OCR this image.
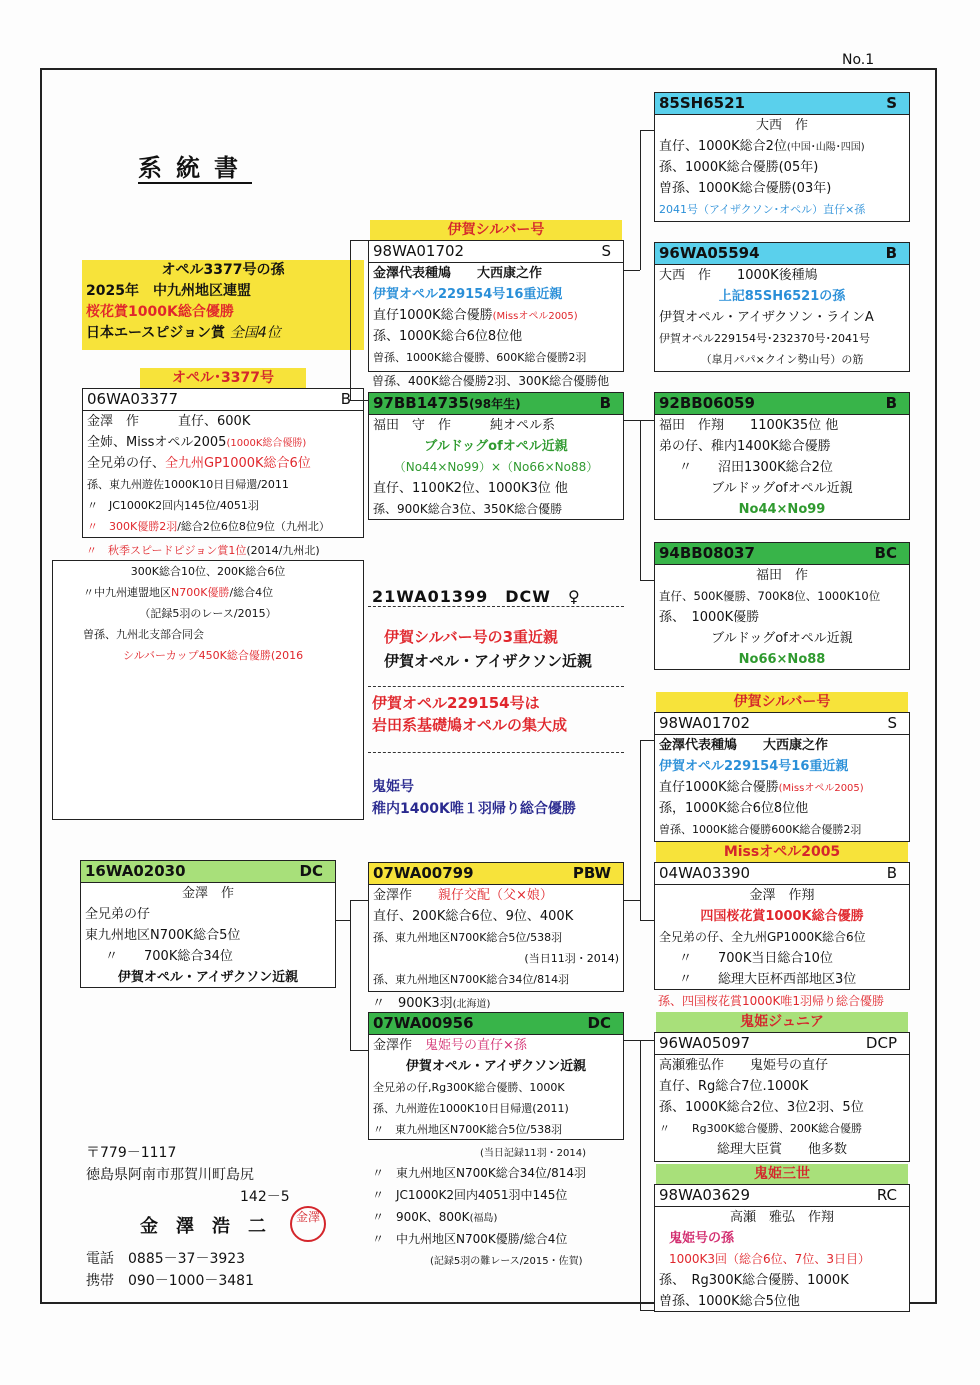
No.1
系統書
オペル3377号の孫
2025年　中九州地区連盟
桜花賞1000K総合優勝
日本エースピジョン賞 全国4位
オペル･3377号
06WA03377	B
金澤　作　　　直仔、600K
全姉、Missオペル2005(1000K総合優勝)
全兄弟の仔、全九州GP1000K総合6位
孫、東九州遊佐1000K10日目帰還/2011
〃　JC1000K2回内145位/4051羽
〃　300K優勝2羽/総合2位6位8位9位（九州北）
〃　秋季スピードピジョン賞1位(2014/九州北)
300K総合10位、200K総合6位
〃中九州連盟地区N700K優勝/総合4位
（記録5羽のレース/2015）
曽孫、九州北支部合同会
シルバーカップ450K総合優勝(2016
伊賀シルバー号
98WA01702	S
金澤代表種鳩　　大西康之作
伊賀オペル229154号16重近親
直仔1000K総合優勝(Missオペル2005)
孫、1000K総合6位8位他
曽孫、1000K総合優勝、600K総合優勝2羽
曽孫、400K総合優勝2羽、300K総合優勝他
97BB14735(98年生)	B
福田　守　作　　　純オペル系
ブルドッグofオペル近親
（No44×No99）×（No66×No88）
直仔、1100K2位、1000K3位 他
孫、900K総合3位、350K総合優勝
85SH6521	S
大西　作
直仔、1000K総合2位(中国･山陽･四国)
孫、1000K総合優勝(05年)
曽孫、1000K総合優勝(03年)
2041号（アイザクソン･オペル）直仔×孫
96WA05594	B
大西　作　　1000K後種鳩
上記85SH6521の孫
伊賀オペル・アイザクソン・ラインA
伊賀オペル229154号･232370号･2041号
（皐月パパ×クイン勢山号）の筋
92BB06059	B
福田　作翔　　1100K35位 他
弟の仔、稚内1400K総合優勝
〃　　沼田1300K総合2位
ブルドッグofオペル近親
No44×No99
94BB08037	BC
福田　作
直仔、500K優勝、700K8位、1000K10位
孫、　1000K優勝
ブルドッグofオペル近親
No66×No88
21WA01399　 DCW　 ♀
伊賀シルバー号の3重近親
伊賀オペル・アイザクソン近親
伊賀オペル229154号は
岩田系基礎鳩オペルの集大成
鬼姫号
稚内1400K唯１羽帰り総合優勝
伊賀シルバー号
98WA01702	S
金澤代表種鳩　　大西康之作
伊賀オペル229154号16重近親
直仔1000K総合優勝(Missオペル2005)
孫，1000K総合6位8位他
曽孫、1000K総合優勝600K総合優勝2羽
Missオペル2005
04WA03390	B
金澤　作翔
四国桜花賞1000K総合優勝
全兄弟の仔、全九州GP1000K総合6位
〃　　700K当日総合10位
〃　　総理大臣杯西部地区3位
孫、四国桜花賞1000K唯1羽帰り総合優勝
16WA02030	DC
金澤　作
全兄弟の仔
東九州地区N700K総合5位
〃　　700K総合34位
伊賀オペル・アイザクソン近親
07WA00799	PBW
金澤作　　 親仔交配（父×娘）
直仔、200K総合6位、9位、400K
孫、東九州地区N700K総合5位/538羽
(当日11羽・2014)
孫、東九州地区N700K総合34位/814羽
〃　900K3羽(北海道)
07WA00956	DC
金澤作　 鬼姫号の直仔×孫
伊賀オペル・アイザクソン近親
全兄弟の仔,Rg300K総合優勝、1000K
孫、九州遊佐1000K10日目帰還(2011)
〃　東九州地区N700K総合5位/538羽
(当日記録11羽・2014)
〃　東九州地区N700K総合34位/814羽
〃　JC1000K2回内4051羽中145位
〃　900K、800K(福島)
〃　中九州地区N700K優勝/総合4位
(記録5羽の難レース/2015・佐賀)
鬼姫ジュニア
96WA05097	DCP
高瀬雅弘作　　鬼姫号の直仔
直仔、Rg総合7位.1000K
孫、1000K総合2位、3位2羽、5位
〃　　Rg300K総合優勝、200K総合優勝
総理大臣賞　　他多数
鬼姫三世
98WA03629	RC
高瀬　雅弘　作翔
鬼姫号の孫
1000K3回（総合6位、7位、3日目）
孫、　Rg300K総合優勝、1000K
曽孫、1000K総合5位他
〒779－1117
徳島県阿南市那賀川町島尻
142－5
金　澤　浩　二	金澤
電話　0885－37－3923
携帯　090－1000－3481
